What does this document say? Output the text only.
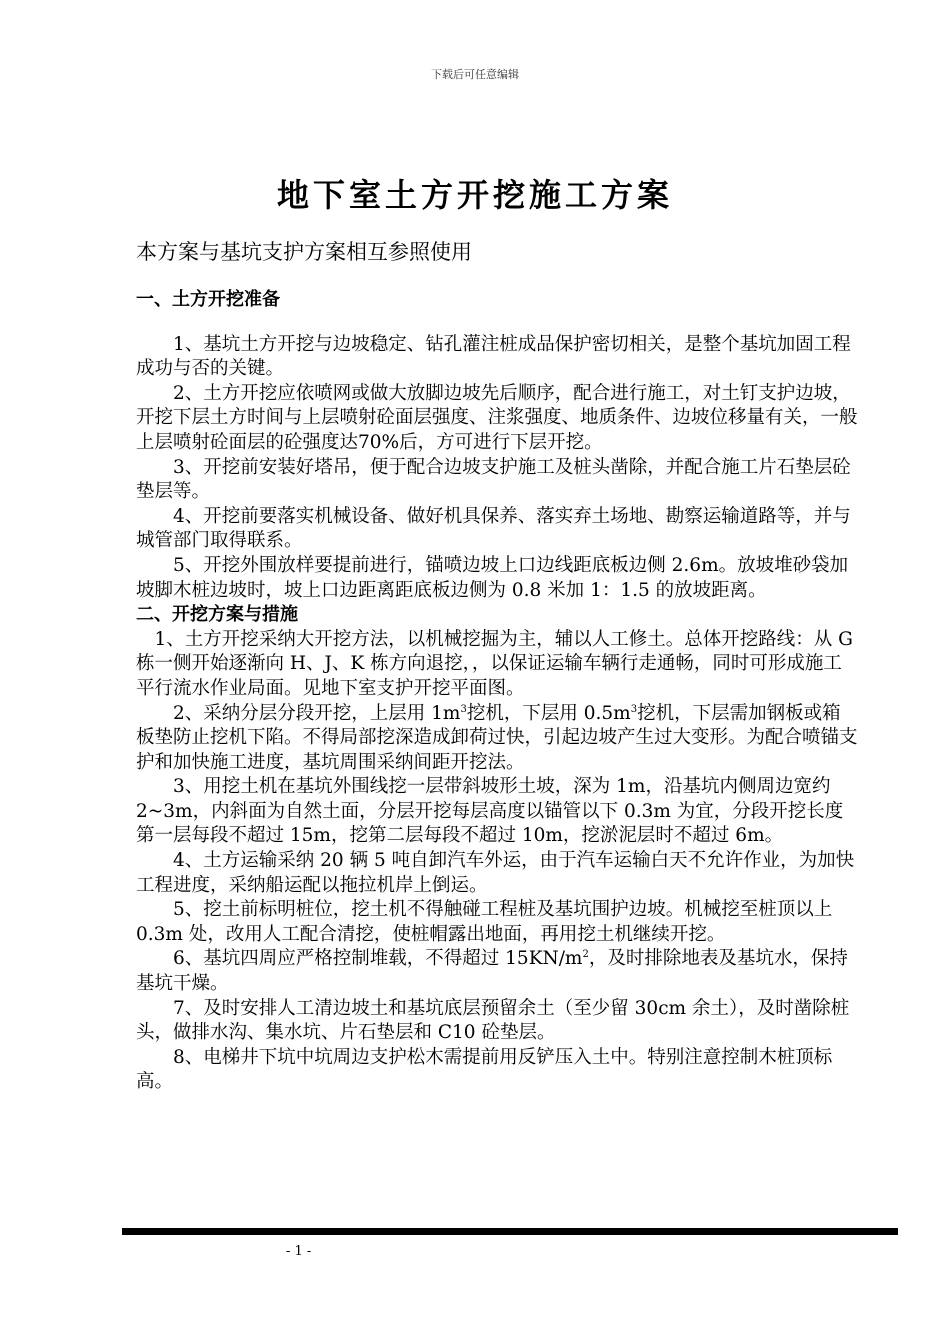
下载后可任意编辑
地下室土方开挖施工方案
本方案与基坑支护方案相互参照使用
一、土方开挖准备

1、基坑土方开挖与边坡稳定、钻孔灌注桩成品保护密切相关，是整个基坑加固工程成功与否的关键。

2、土方开挖应依喷网或做大放脚边坡先后顺序，配合进行施工，对土钉支护边坡，开挖下层土方时间与上层喷射砼面层强度、注浆强度、地质条件、边坡位移量有关，一般上层喷射砼面层的砼强度达70%后，方可进行下层开挖。

3、开挖前安装好塔吊，便于配合边坡支护施工及桩头凿除，并配合施工片石垫层砼垫层等。

4、开挖前要落实机械设备、做好机具保养、落实弃土场地、勘察运输道路等，并与城管部门取得联系。

5、开挖外围放样要提前进行，锚喷边坡上口边线距底板边侧 2.6m。放坡堆砂袋加坡脚木桩边坡时，坡上口边距离距底板边侧为 0.8 米加 1：1.5 的放坡距离。

二、开挖方案与措施

1、土方开挖采纳大开挖方法，以机械挖掘为主，辅以人工修土。总体开挖路线：从 G 栋一侧开始逐渐向 H、J、K 栋方向退挖，，以保证运输车辆行走通畅，同时可形成施工平行流水作业局面。见地下室支护开挖平面图。

2、采纳分层分段开挖，上层用 $1m^3$挖机，下层用 $0.5m^3$挖机，下层需加钢板或箱板垫防止挖机下陷。不得局部挖深造成卸荷过快，引起边坡产生过大变形。为配合喷锚支护和加快施工进度，基坑周围采纳间距开挖法。

3、用挖土机在基坑外围线挖一层带斜坡形土坡，深为 1m，沿基坑内侧周边宽约 2~3m，内斜面为自然土面，分层开挖每层高度以锚管以下 0.3m 为宜，分段开挖长度第一层每段不超过 15m，挖第二层每段不超过 10m，挖淤泥层时不超过 6m。

4、土方运输采纳 20 辆 5 吨自卸汽车外运，由于汽车运输白天不允许作业，为加快工程进度，采纳船运配以拖拉机岸上倒运。

5、挖土前标明桩位，挖土机不得触碰工程桩及基坑围护边坡。机械挖至桩顶以上 0.3m 处，改用人工配合清挖，使桩帽露出地面，再用挖土机继续开挖。

6、基坑四周应严格控制堆载，不得超过 $15KN/m^2$，及时排除地表及基坑水，保持基坑干燥。

7、及时安排人工清边坡土和基坑底层预留余土（至少留 30cm 余土），及时凿除桩头，做排水沟、集水坑、片石垫层和 C10 砼垫层。

8、电梯井下坑中坑周边支护松木需提前用反铲压入土中。特别注意控制木桩顶标高。

- 1 -
